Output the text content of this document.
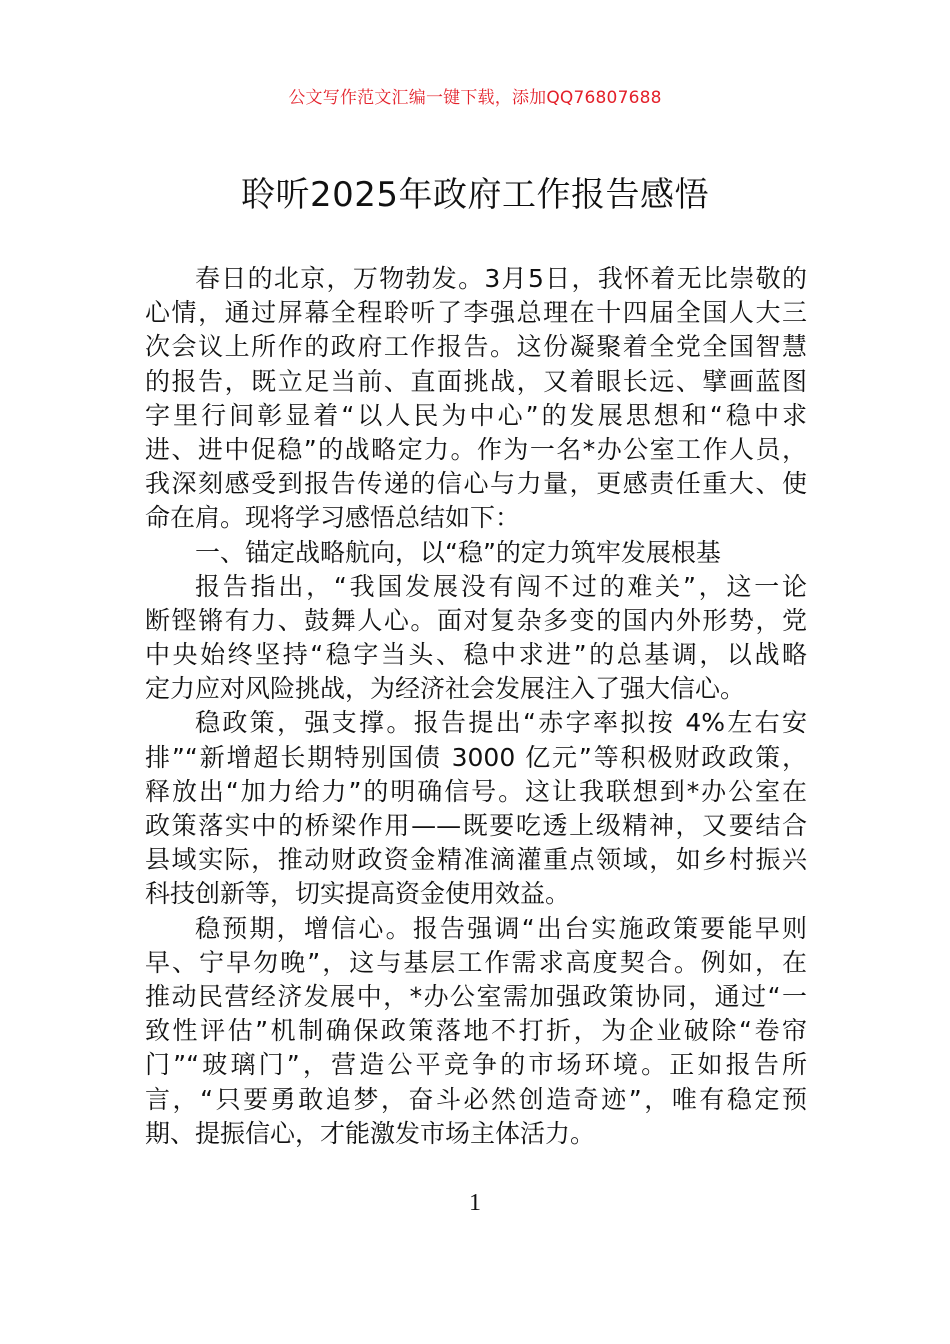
公文写作范文汇编一键下载，添加QQ76807688
聆听2025年政府工作报告感悟
春日的北京，万物勃发。3月5日，我怀着无比崇敬的
心情，通过屏幕全程聆听了李强总理在十四届全国人大三
次会议上所作的政府工作报告。这份凝聚着全党全国智慧
的报告，既立足当前、直面挑战，又着眼长远、擘画蓝图
字里行间彰显着“以人民为中心”的发展思想和“稳中求
进、进中促稳”的战略定力。作为一名*办公室工作人员，
我深刻感受到报告传递的信心与力量，更感责任重大、使
命在肩。现将学习感悟总结如下：
一、锚定战略航向，以“稳”的定力筑牢发展根基
报告指出，“我国发展没有闯不过的难关”，这一论
断铿锵有力、鼓舞人心。面对复杂多变的国内外形势，党
中央始终坚持“稳字当头、稳中求进”的总基调，以战略
定力应对风险挑战，为经济社会发展注入了强大信心。
稳政策，强支撑。报告提出“赤字率拟按 4%左右安
排”“新增超长期特别国债 3000 亿元”等积极财政政策，
释放出“加力给力”的明确信号。这让我联想到*办公室在
政策落实中的桥梁作用——既要吃透上级精神，又要结合
县域实际，推动财政资金精准滴灌重点领域，如乡村振兴
科技创新等，切实提高资金使用效益。
稳预期，增信心。报告强调“出台实施政策要能早则
早、宁早勿晚”，这与基层工作需求高度契合。例如，在
推动民营经济发展中，*办公室需加强政策协同，通过“一
致性评估”机制确保政策落地不打折，为企业破除“卷帘
门”“玻璃门”，营造公平竞争的市场环境。正如报告所
言，“只要勇敢追梦，奋斗必然创造奇迹”，唯有稳定预
期、提振信心，才能激发市场主体活力。
1
